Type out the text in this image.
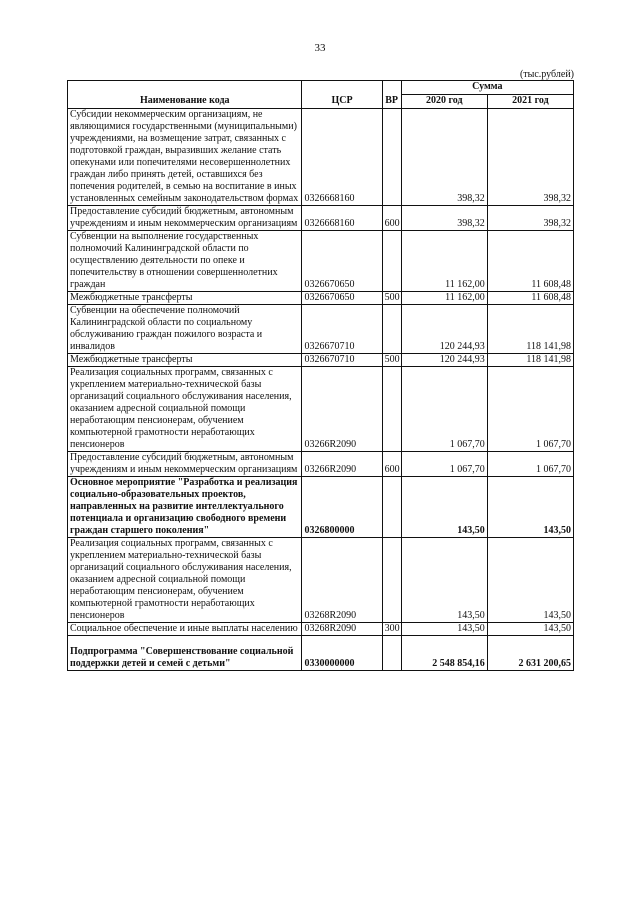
33
(тыс.рублей)
Наименование кода	ЦСР	ВР	Сумма	
			2020 год	2021 год
Субсидии некоммерческим организациям, не являющимися государственными (муниципальными) учреждениями, на возмещение затрат, связанных с подготовкой граждан, выразивших желание стать опекунами или попечителями несовершеннолетних граждан либо принять детей, оставшихся без попечения родителей, в семью на воспитание в иных установленных семейным законодательством формах	0326668160		398,32	398,32
Предоставление субсидий бюджетным, автономным учреждениям и иным некоммерческим организациям	0326668160	600	398,32	398,32
Субвенции на выполнение государственных полномочий Калининградской области по осуществлению деятельности по опеке и попечительству в отношении совершеннолетних граждан	0326670650		11 162,00	11 608,48
Межбюджетные трансферты	0326670650	500	11 162,00	11 608,48
Субвенции на обеспечение полномочий Калининградской области по социальному обслуживанию граждан пожилого возраста и инвалидов	0326670710		120 244,93	118 141,98
Межбюджетные трансферты	0326670710	500	120 244,93	118 141,98
Реализация социальных программ, связанных с укреплением материально-технической базы организаций социального обслуживания населения, оказанием адресной социальной помощи неработающим пенсионерам, обучением компьютерной грамотности неработающих пенсионеров	03266R2090		1 067,70	1 067,70
Предоставление субсидий бюджетным, автономным учреждениям и иным некоммерческим организациям	03266R2090	600	1 067,70	1 067,70
Основное мероприятие "Разработка и реализация социально-образовательных проектов, направленных на развитие интеллектуального потенциала и организацию свободного времени граждан старшего поколения"	0326800000		143,50	143,50
Реализация социальных программ, связанных с укреплением материально-технической базы организаций социального обслуживания населения, оказанием адресной социальной помощи неработающим пенсионерам, обучением компьютерной грамотности неработающих пенсионеров	03268R2090		143,50	143,50
Социальное обеспечение и иные выплаты населению	03268R2090	300	143,50	143,50
Подпрограмма "Совершенствование социальной поддержки детей и семей с детьми"	0330000000		2 548 854,16	2 631 200,65
